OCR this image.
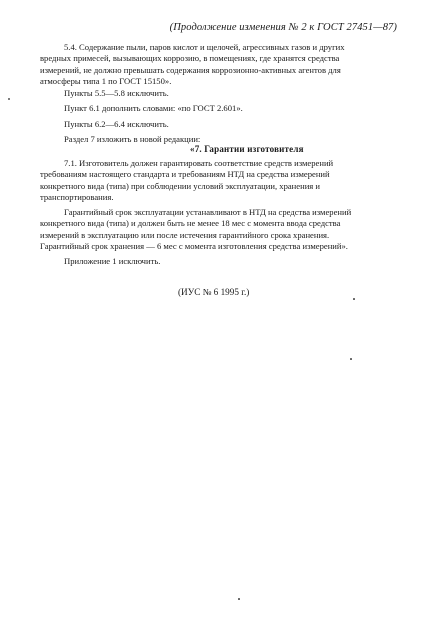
(Продолжение изменения № 2 к ГОСТ 27451—87)
5.4. Содержание пыли, паров кислот и щелочей, агрессивных газов и других
вредных примесей, вызывающих коррозию, в помещениях, где хранятся средства
измерений, не должно превышать содержания коррозионно-активных агентов для
атмосферы типа 1 по ГОСТ 15150».
Пункты 5.5—5.8 исключить.
Пункт 6.1 дополнить словами: «по ГОСТ 2.601».
Пункты 6.2—6.4 исключить.
Раздел 7 изложить в новой редакции:
«7. Гарантии изготовителя
7.1. Изготовитель должен гарантировать соответствие средств измерений
требованиям настоящего стандарта и требованиям НТД на средства измерений
конкретного вида (типа) при соблюдении условий эксплуатации, хранения и
транспортирования.
Гарантийный срок эксплуатации устанавливают в НТД на средства измерений
конкретного вида (типа) и должен быть не менее 18 мес с момента ввода средства
измерений в эксплуатацию или после истечения гарантийного срока хранения.
Гарантийный срок хранения — 6 мес с момента изготовления средства измерений».
Приложение 1 исключить.
(ИУС № 6 1995 г.)
